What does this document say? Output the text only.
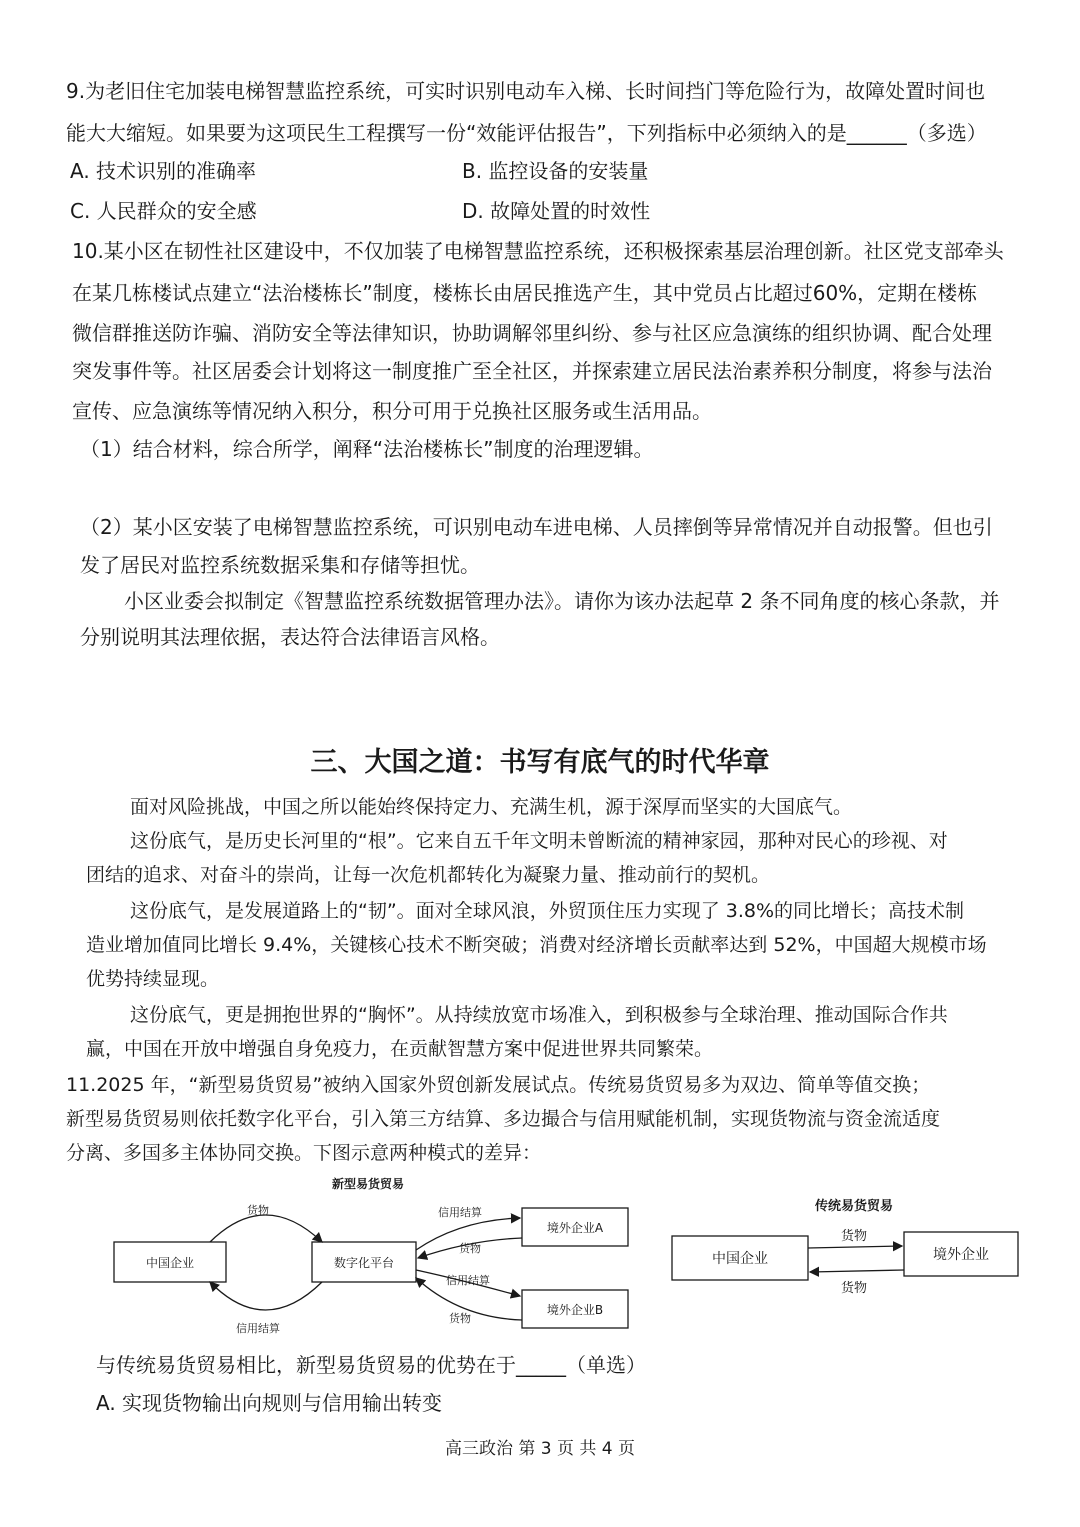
9.为老旧住宅加装电梯智慧监控系统，可实时识别电动车入梯、长时间挡门等危险行为，故障处置时间也
能大大缩短。如果要为这项民生工程撰写一份“效能评估报告”，下列指标中必须纳入的是______（多选）
A. 技术识别的准确率	B. 监控设备的安装量
C. 人民群众的安全感	D. 故障处置的时效性
10.某小区在韧性社区建设中，不仅加装了电梯智慧监控系统，还积极探索基层治理创新。社区党支部牵头
在某几栋楼试点建立“法治楼栋长”制度，楼栋长由居民推选产生，其中党员占比超过60%，定期在楼栋
微信群推送防诈骗、消防安全等法律知识，协助调解邻里纠纷、参与社区应急演练的组织协调、配合处理
突发事件等。社区居委会计划将这一制度推广至全社区，并探索建立居民法治素养积分制度，将参与法治
宣传、应急演练等情况纳入积分，积分可用于兑换社区服务或生活用品。
（1）结合材料，综合所学，阐释“法治楼栋长”制度的治理逻辑。
（2）某小区安装了电梯智慧监控系统，可识别电动车进电梯、人员摔倒等异常情况并自动报警。但也引
发了居民对监控系统数据采集和存储等担忧。
小区业委会拟制定《智慧监控系统数据管理办法》。请你为该办法起草 2 条不同角度的核心条款，并
分别说明其法理依据，表达符合法律语言风格。
三、大国之道：书写有底气的时代华章
面对风险挑战，中国之所以能始终保持定力、充满生机，源于深厚而坚实的大国底气。
这份底气，是历史长河里的“根”。它来自五千年文明未曾断流的精神家园，那种对民心的珍视、对
团结的追求、对奋斗的崇尚，让每一次危机都转化为凝聚力量、推动前行的契机。
这份底气，是发展道路上的“韧”。面对全球风浪，外贸顶住压力实现了 3.8%的同比增长；高技术制
造业增加值同比增长 9.4%，关键核心技术不断突破；消费对经济增长贡献率达到 52%，中国超大规模市场
优势持续显现。
这份底气，更是拥抱世界的“胸怀”。从持续放宽市场准入，到积极参与全球治理、推动国际合作共
赢，中国在开放中增强自身免疫力，在贡献智慧方案中促进世界共同繁荣。
11.2025 年，“新型易货贸易”被纳入国家外贸创新发展试点。传统易货贸易多为双边、简单等值交换；
新型易货贸易则依托数字化平台，引入第三方结算、多边撮合与信用赋能机制，实现货物流与资金流适度
分离、多国多主体协同交换。下图示意两种模式的差异：
新型易货贸易
中国企业	数字化平台
境外企业A
境外企业B
货物
信用结算
信用结算
货物
信用结算
货物
传统易货贸易
中国企业	境外企业
货物
货物
与传统易货贸易相比，新型易货贸易的优势在于_____（单选）
A. 实现货物输出向规则与信用输出转变
高三政治 第 3 页 共 4 页
